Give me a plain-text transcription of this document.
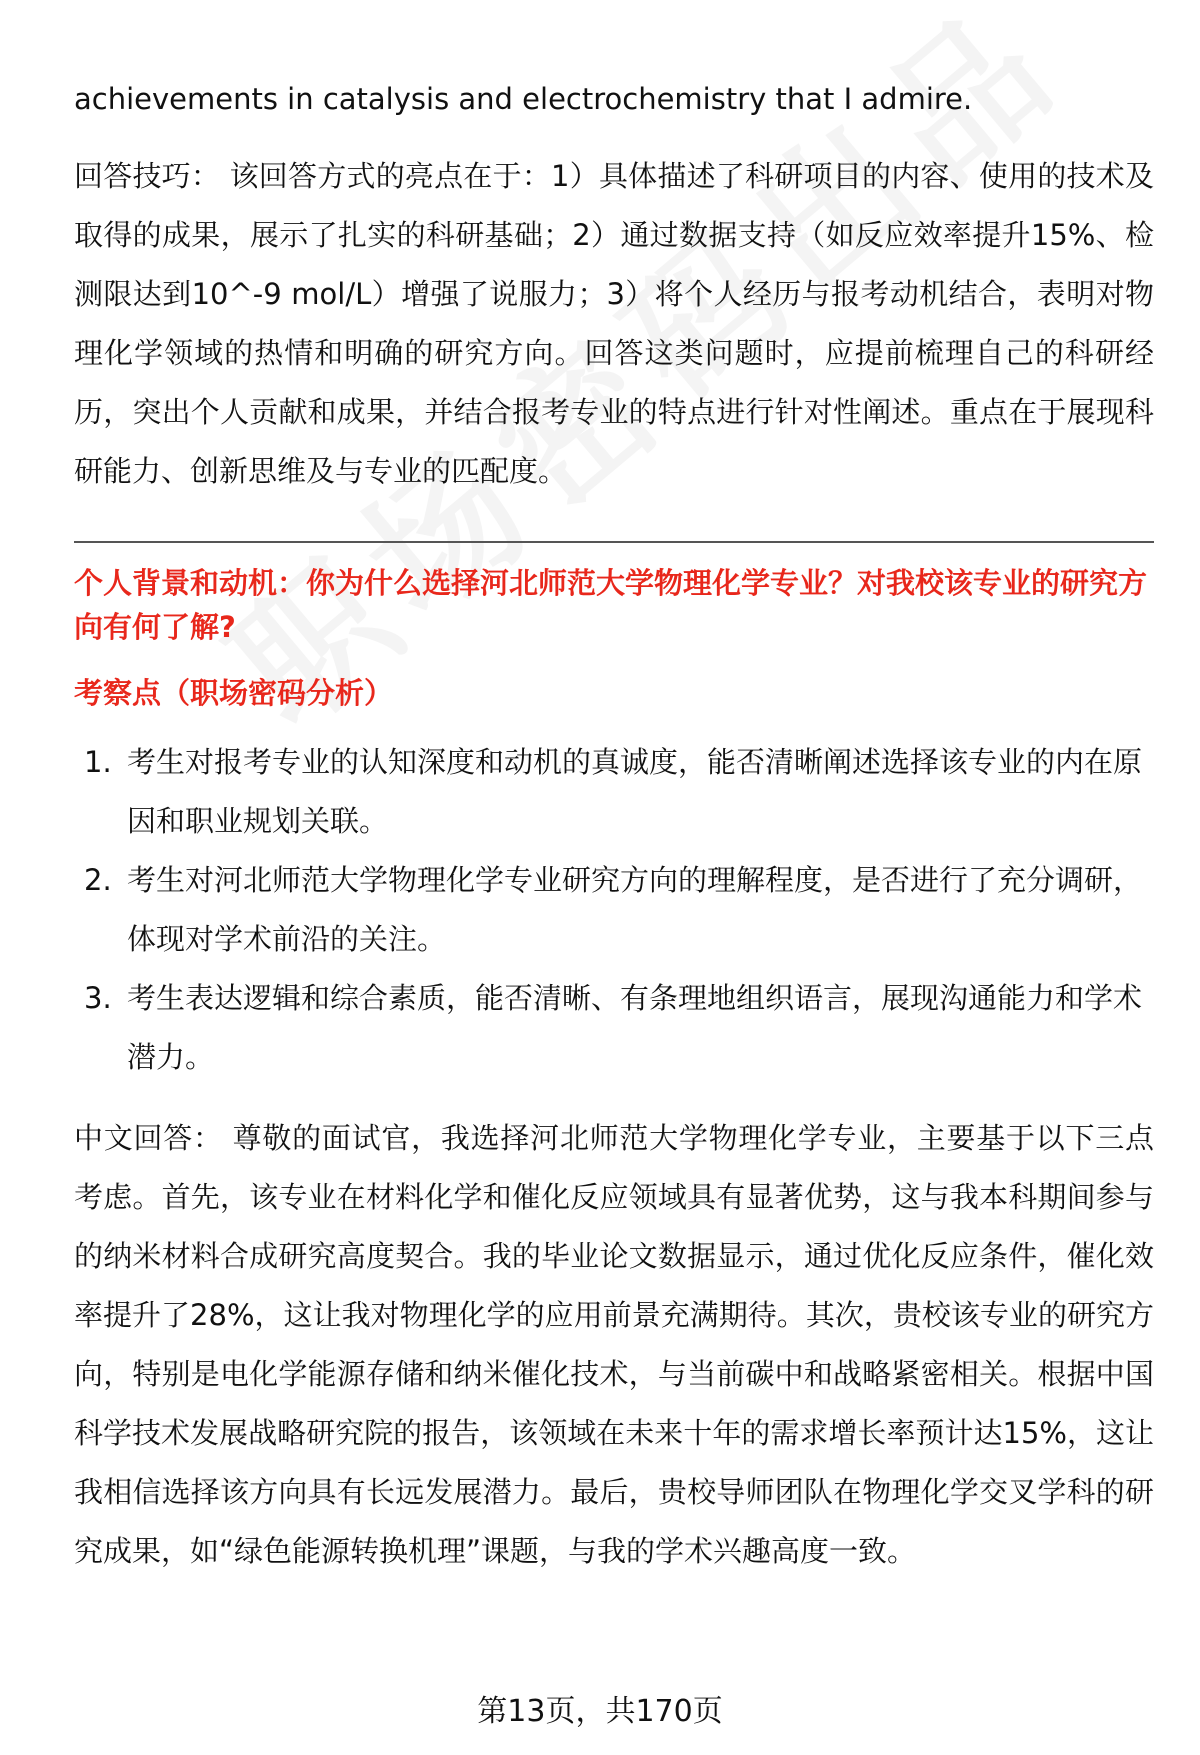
achievements in catalysis and electrochemistry that I admire.

回答技巧： 该回答方式的亮点在于：1）具体描述了科研项目的内容、使用的技术及取得的成果，展示了扎实的科研基础；2）通过数据支持（如反应效率提升15%、检测限达到10^-9 mol/L）增强了说服力；3）将个人经历与报考动机结合，表明对物理化学领域的热情和明确的研究方向。回答这类问题时，应提前梳理自己的科研经历，突出个人贡献和成果，并结合报考专业的特点进行针对性阐述。重点在于展现科研能力、创新思维及与专业的匹配度。

个人背景和动机：你为什么选择河北师范大学物理化学专业？对我校该专业的研究方向有何了解?

考察点（职场密码分析）

1. 考生对报考专业的认知深度和动机的真诚度，能否清晰阐述选择该专业的内在原因和职业规划关联。
2. 考生对河北师范大学物理化学专业研究方向的理解程度，是否进行了充分调研，体现对学术前沿的关注。
3. 考生表达逻辑和综合素质，能否清晰、有条理地组织语言，展现沟通能力和学术潜力。

中文回答： 尊敬的面试官，我选择河北师范大学物理化学专业，主要基于以下三点考虑。首先，该专业在材料化学和催化反应领域具有显著优势，这与我本科期间参与的纳米材料合成研究高度契合。我的毕业论文数据显示，通过优化反应条件，催化效率提升了28%，这让我对物理化学的应用前景充满期待。其次，贵校该专业的研究方向，特别是电化学能源存储和纳米催化技术，与当前碳中和战略紧密相关。根据中国科学技术发展战略研究院的报告，该领域在未来十年的需求增长率预计达15%，这让我相信选择该方向具有长远发展潜力。最后，贵校导师团队在物理化学交叉学科的研究成果，如“绿色能源转换机理”课题，与我的学术兴趣高度一致。

第13页，共170页
